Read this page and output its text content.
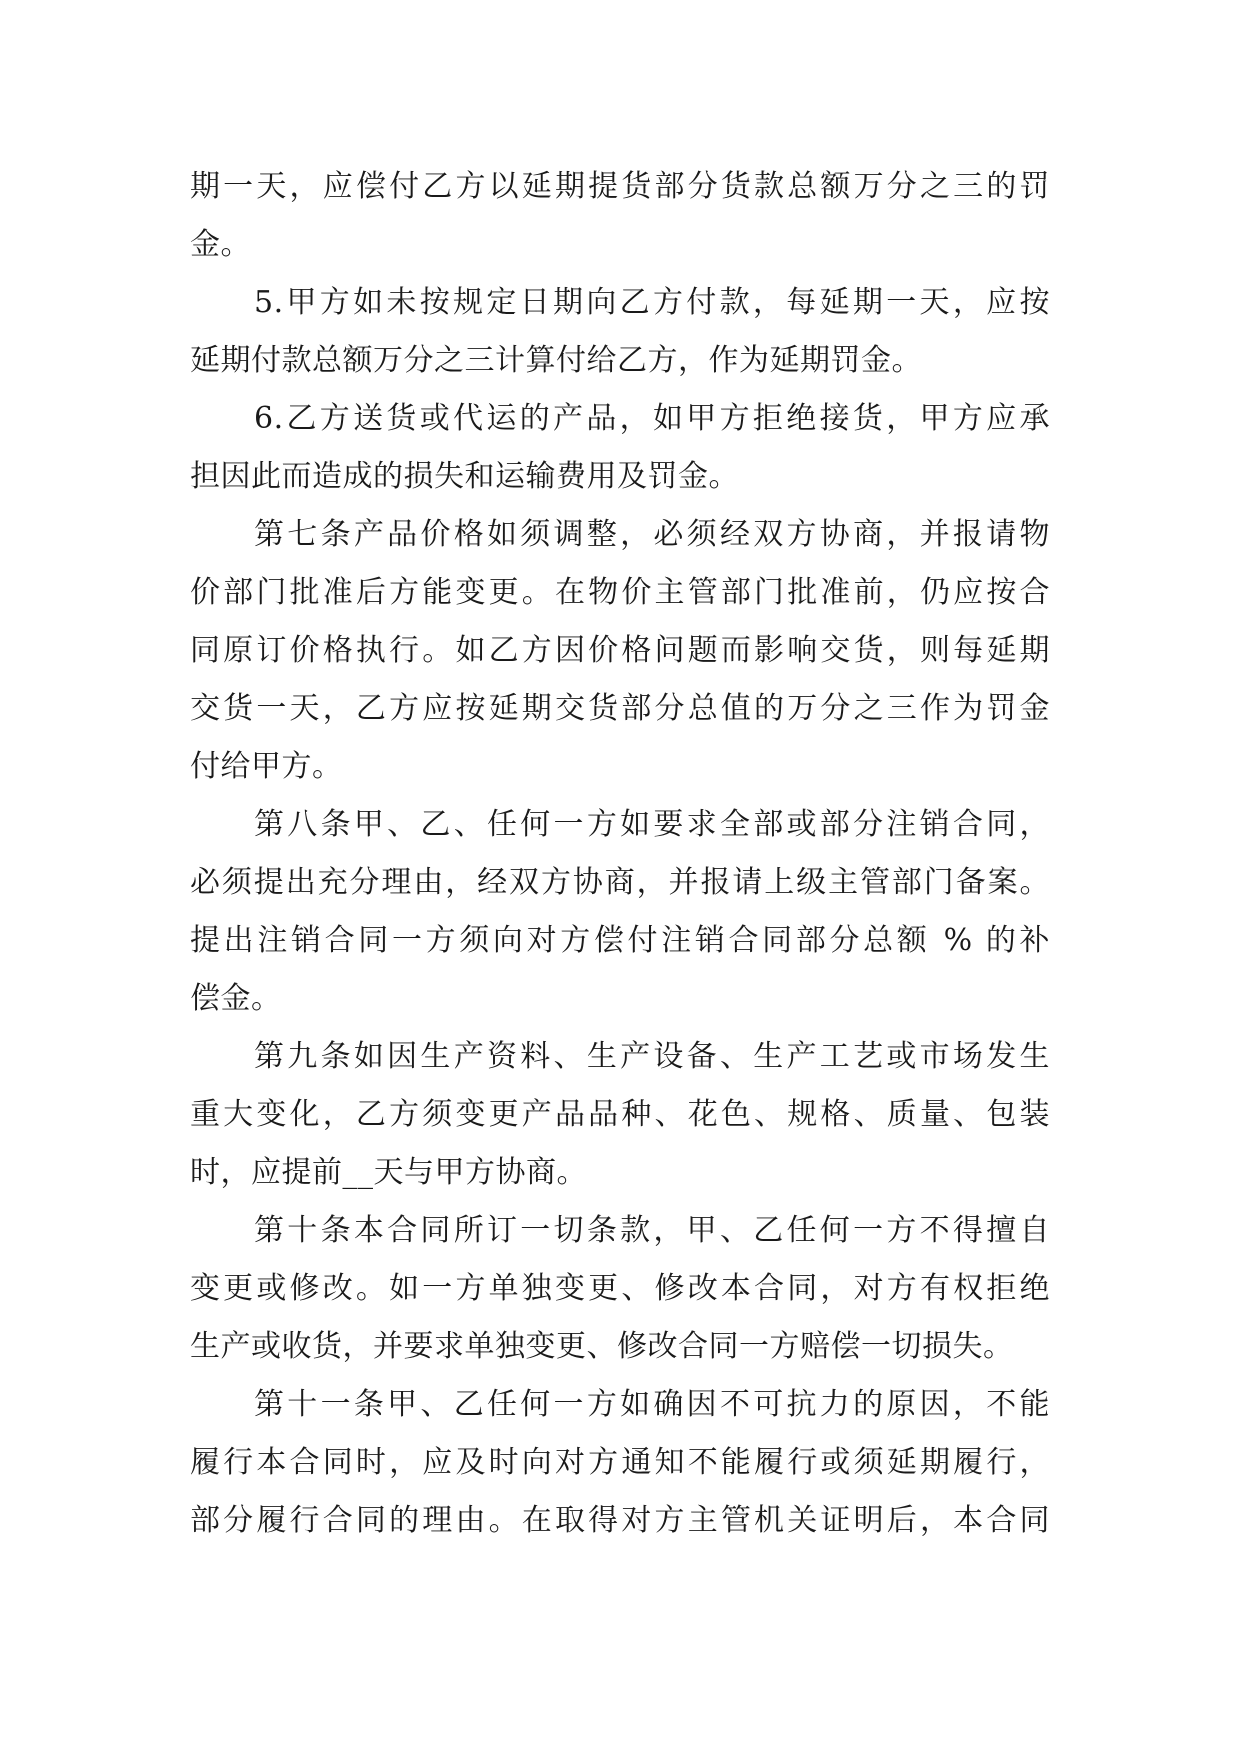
期一天，应偿付乙方以延期提货部分货款总额万分之三的罚
金。
5.甲方如未按规定日期向乙方付款，每延期一天，应按
延期付款总额万分之三计算付给乙方，作为延期罚金。
6.乙方送货或代运的产品，如甲方拒绝接货，甲方应承
担因此而造成的损失和运输费用及罚金。
第七条产品价格如须调整，必须经双方协商，并报请物
价部门批准后方能变更。在物价主管部门批准前，仍应按合
同原订价格执行。如乙方因价格问题而影响交货，则每延期
交货一天，乙方应按延期交货部分总值的万分之三作为罚金
付给甲方。
第八条甲、乙、任何一方如要求全部或部分注销合同，
必须提出充分理由，经双方协商，并报请上级主管部门备案。
提出注销合同一方须向对方偿付注销合同部分总额 % 的补
偿金。
第九条如因生产资料、生产设备、生产工艺或市场发生
重大变化，乙方须变更产品品种、花色、规格、质量、包装
时，应提前__天与甲方协商。
第十条本合同所订一切条款，甲、乙任何一方不得擅自
变更或修改。如一方单独变更、修改本合同，对方有权拒绝
生产或收货，并要求单独变更、修改合同一方赔偿一切损失。
第十一条甲、乙任何一方如确因不可抗力的原因，不能
履行本合同时，应及时向对方通知不能履行或须延期履行，
部分履行合同的理由。在取得对方主管机关证明后，本合同
